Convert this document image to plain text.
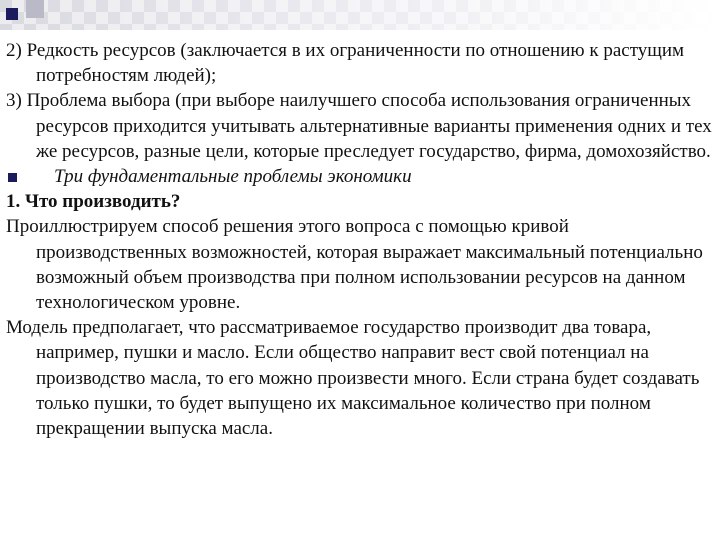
2) Редкость ресурсов (заключается в их ограниченности по отношению к растущим потребностям людей);

3) Проблема выбора (при выборе наилучшего способа использования ограниченных ресурсов приходится учитывать альтернативные варианты применения одних и тех же ресурсов, разные цели, которые преследует государство, фирма, домохозяйство.

Три фундаментальные проблемы экономики

1. Что производить?

Проиллюстрируем способ решения этого вопроса с помощью кривой производственных возможностей, которая выражает максимальный потенциально возможный объем производства при полном использовании ресурсов на данном технологическом уровне.

Модель предполагает, что рассматриваемое государство производит два товара, например, пушки и масло. Если общество направит вест свой потенциал на производство масла, то его можно произвести много. Если страна будет создавать только пушки, то будет выпущено их максимальное количество при полном прекращении выпуска масла.
